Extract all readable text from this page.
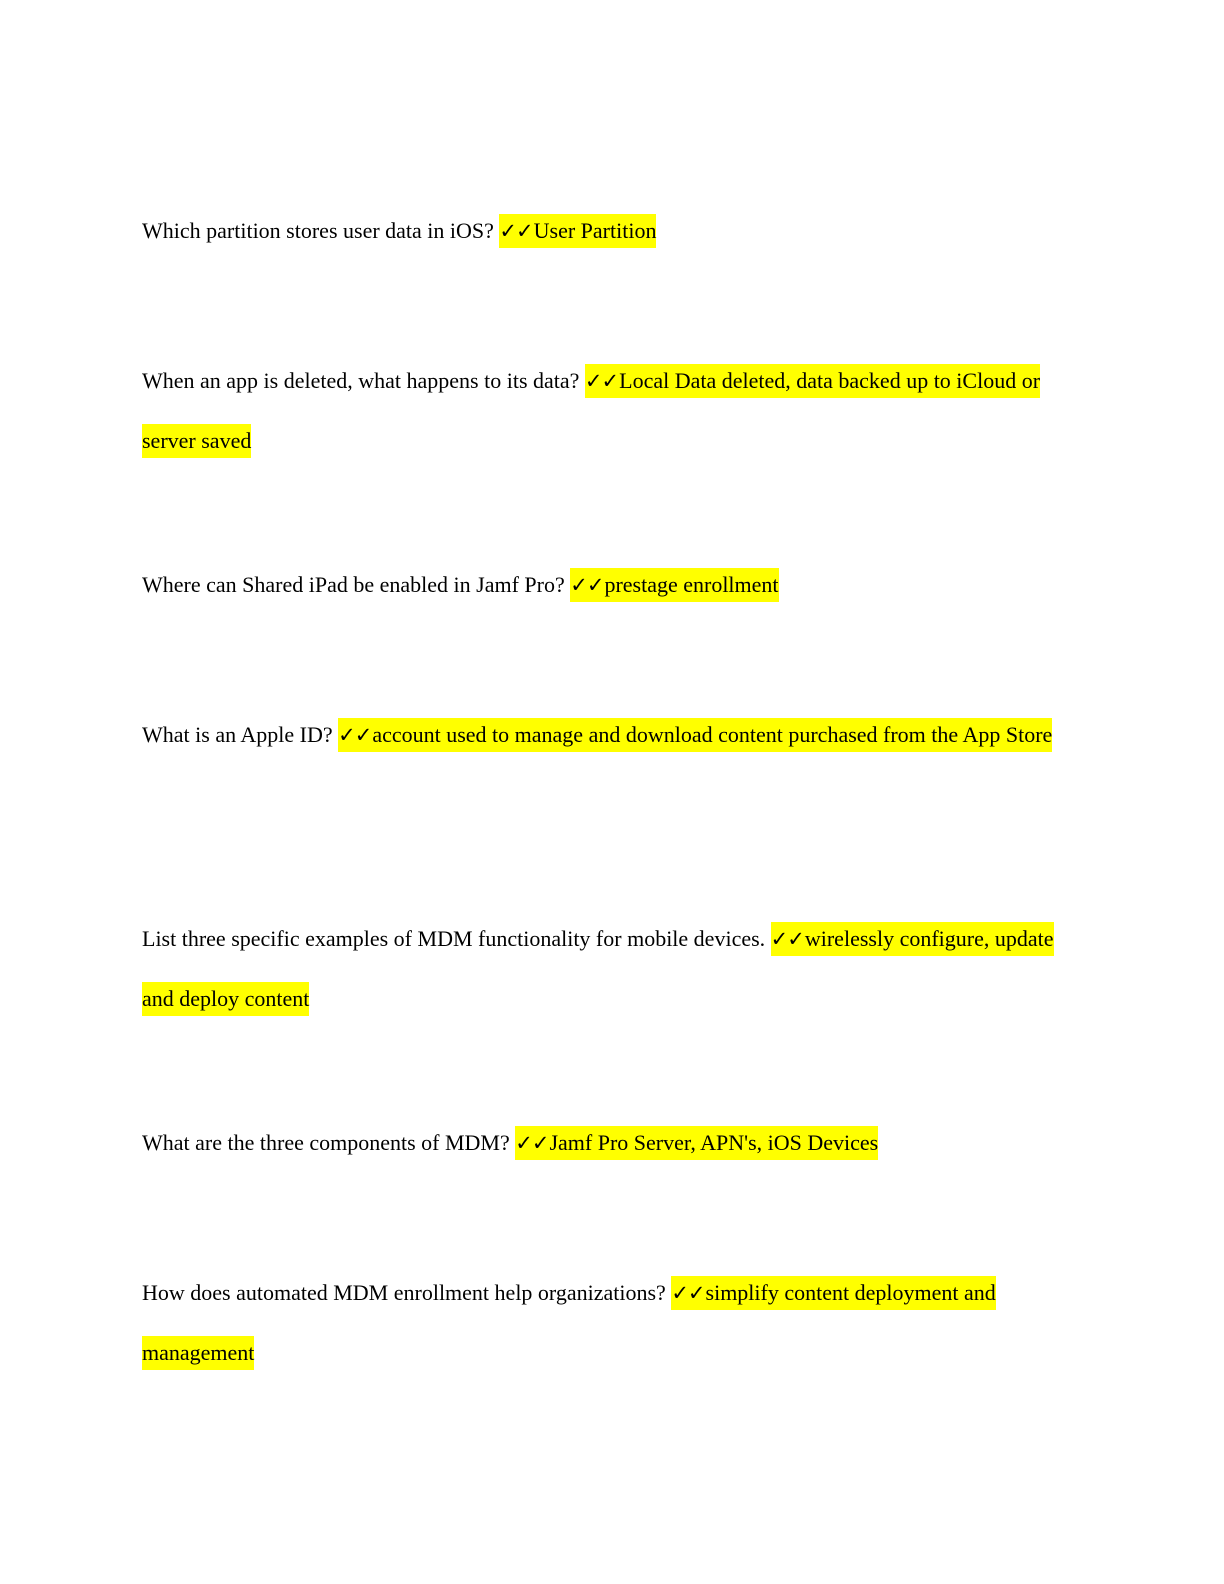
Which partition stores user data in iOS? ✓✓User Partition

When an app is deleted, what happens to its data? ✓✓Local Data deleted, data backed up to iCloud or server saved

Where can Shared iPad be enabled in Jamf Pro? ✓✓prestage enrollment

What is an Apple ID? ✓✓account used to manage and download content purchased from the App Store

List three specific examples of MDM functionality for mobile devices. ✓✓wirelessly configure, update and deploy content

What are the three components of MDM? ✓✓Jamf Pro Server, APN's, iOS Devices

How does automated MDM enrollment help organizations? ✓✓simplify content deployment and management
